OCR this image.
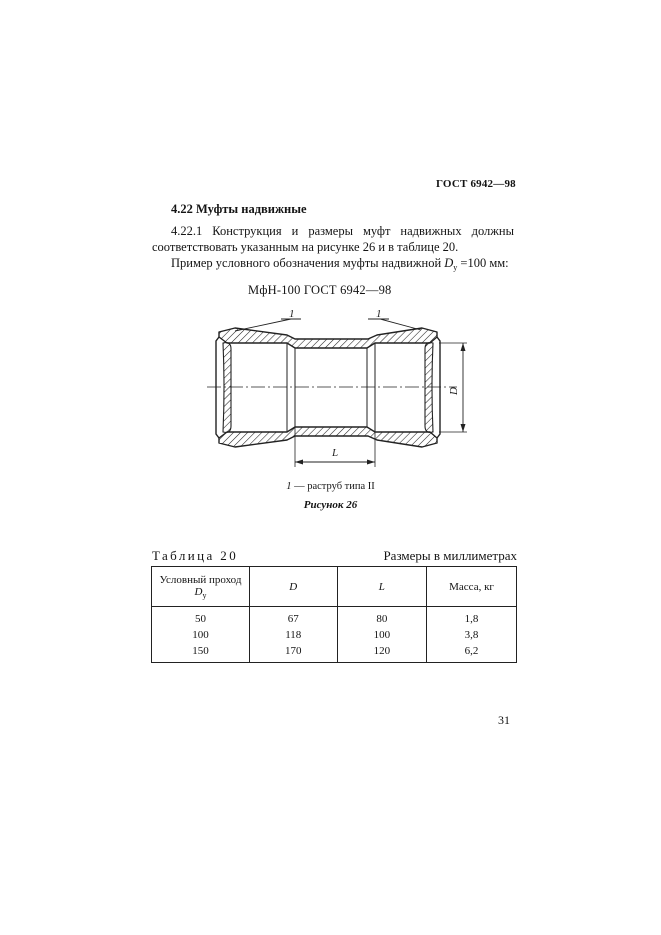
ГОСТ 6942—98
4.22 Муфты надвижные
4.22.1 Конструкция и размеры муфт надвижных должны соответствовать указанным на рисунке 26 и в таблице 20.
Пример условного обозначения муфты надвижной $D_y =100$ мм:
МфН-100 ГОСТ 6942—98
1	1
D
L
1 — раструб типа II
Рисунок 26
Таблица 20	Размеры в миллиметрах
Условный проход
$D_y$	D	L	Масса, кг
50	67	80	1,8
100	118	100	3,8
150	170	120	6,2
31
